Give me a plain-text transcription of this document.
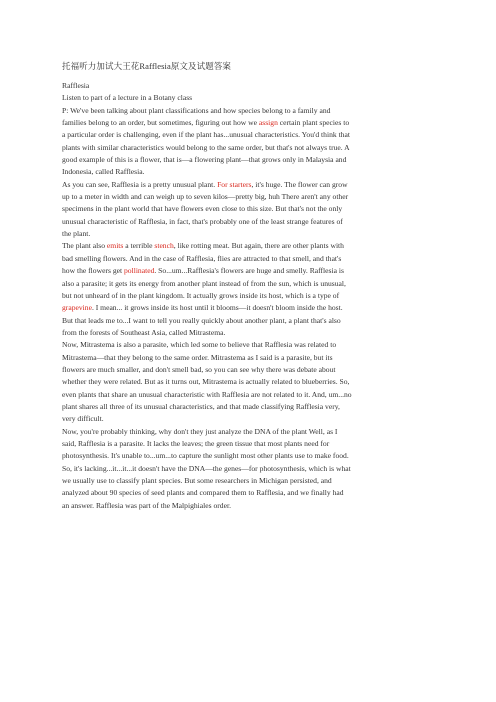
托福听力加试大王花Rafflesia原文及试题答案

Rafflesia

Listen to part of a lecture in a Botany class

P: We've been talking about plant classifications and how species belong to a family and
families belong to an order, but sometimes, figuring out how we assign certain plant species to
a particular order is challenging, even if the plant has...unusual characteristics. You'd think that
plants with similar characteristics would belong to the same order, but that's not always true. A
good example of this is a flower, that is—a flowering plant—that grows only in Malaysia and
Indonesia, called Rafflesia.

As you can see, Rafflesia is a pretty unusual plant. For starters, it's huge. The flower can grow
up to a meter in width and can weigh up to seven kilos—pretty big, huh There aren't any other
specimens in the plant world that have flowers even close to this size. But that's not the only
unusual characteristic of Rafflesia, in fact, that's probably one of the least strange features of
the plant.

The plant also emits a terrible stench, like rotting meat. But again, there are other plants with
bad smelling flowers. And in the case of Rafflesia, flies are attracted to that smell, and that's
how the flowers get pollinated. So...um...Rafflesia's flowers are huge and smelly. Rafflesia is
also a parasite; it gets its energy from another plant instead of from the sun, which is unusual,
but not unheard of in the plant kingdom. It actually grows inside its host, which is a type of
grapevine. I mean... it grows inside its host until it blooms—it doesn't bloom inside the host.
But that leads me to...I want to tell you really quickly about another plant, a plant that's also
from the forests of Southeast Asia, called Mitrastema.

Now, Mitrastema is also a parasite, which led some to believe that Rafflesia was related to
Mitrastema—that they belong to the same order. Mitrastema as I said is a parasite, but its
flowers are much smaller, and don't smell bad, so you can see why there was debate about
whether they were related. But as it turns out, Mitrastema is actually related to blueberries. So,
even plants that share an unusual characteristic with Rafflesia are not related to it. And, um...no
plant shares all three of its unusual characteristics, and that made classifying Rafflesia very,
very difficult.

Now, you're probably thinking, why don't they just analyze the DNA of the plant Well, as I
said, Rafflesia is a parasite. It lacks the leaves; the green tissue that most plants need for
photosynthesis. It's unable to...um...to capture the sunlight most other plants use to make food.
So, it's lacking...it...it...it doesn't have the DNA—the genes—for photosynthesis, which is what
we usually use to classify plant species. But some researchers in Michigan persisted, and
analyzed about 90 species of seed plants and compared them to Rafflesia, and we finally had
an answer. Rafflesia was part of the Malpighiales order.
